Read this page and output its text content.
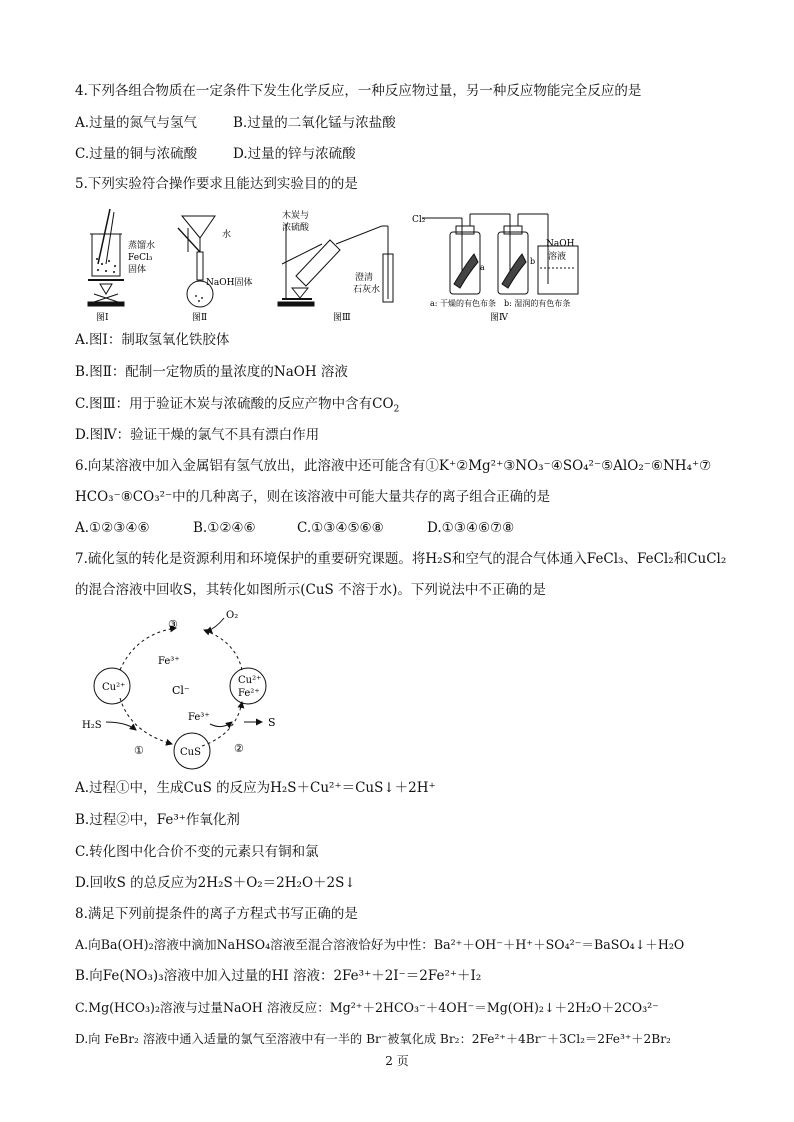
4.下列各组合物质在一定条件下发生化学反应，一种反应物过量，另一种反应物能完全反应的是
A.过量的氮气与氢气	B.过量的二氧化锰与浓盐酸
C.过量的铜与浓硫酸	D.过量的锌与浓硫酸
5.下列实验符合操作要求且能达到实验目的的是
蒸馏水
FeCl₃
固体
图Ⅰ
水
NaOH固体
图Ⅱ
木炭与
浓硫酸
澄清
石灰水
图Ⅲ
Cl₂
a
b
NaOH
溶液
a: 干燥的有色布条 b: 湿润的有色布条
图Ⅳ
A.图Ⅰ：制取氢氧化铁胶体
B.图Ⅱ：配制一定物质的量浓度的NaOH 溶液
C.图Ⅲ：用于验证木炭与浓硫酸的反应产物中含有$CO_2$
D.图Ⅳ：验证干燥的氯气不具有漂白作用
6.向某溶液中加入金属铝有氢气放出，此溶液中还可能含有①K⁺②Mg²⁺③NO₃⁻④SO₄²⁻⑤AlO₂⁻⑥NH₄⁺⑦
HCO₃⁻⑧CO₃²⁻中的几种离子，则在该溶液中可能大量共存的离子组合正确的是
A.①②③④⑥	B.①②④⑥	C.①③④⑤⑥⑧	D.①③④⑥⑦⑧
7.硫化氢的转化是资源利用和环境保护的重要研究课题。将H₂S和空气的混合气体通入FeCl₃、FeCl₂和CuCl₂
的混合溶液中回收S，其转化如图所示(CuS 不溶于水)。下列说法中不正确的是
O₂
③
Fe³⁺
Cu²⁺	Cl⁻
Cu²⁺
Fe²⁺
H₂S
Fe³⁺	S
①	CuS	②
A.过程①中，生成CuS 的反应为H₂S＋Cu²⁺＝CuS↓＋2H⁺
B.过程②中，Fe³⁺作氧化剂
C.转化图中化合价不变的元素只有铜和氯
D.回收S 的总反应为2H₂S＋O₂＝2H₂O＋2S↓
8.满足下列前提条件的离子方程式书写正确的是
A.向Ba(OH)₂溶液中滴加NaHSO₄溶液至混合溶液恰好为中性：Ba²⁺＋OH⁻＋H⁺＋SO₄²⁻＝BaSO₄↓＋H₂O
B.向Fe(NO₃)₃溶液中加入过量的HI 溶液：2Fe³⁺＋2I⁻＝2Fe²⁺＋I₂
C.Mg(HCO₃)₂溶液与过量NaOH 溶液反应：Mg²⁺＋2HCO₃⁻＋4OH⁻＝Mg(OH)₂↓＋2H₂O＋2CO₃²⁻
D.向 FeBr₂ 溶液中通入适量的氯气至溶液中有一半的 Br⁻被氧化成 Br₂：2Fe²⁺＋4Br⁻＋3Cl₂＝2Fe³⁺＋2Br₂
2 页
